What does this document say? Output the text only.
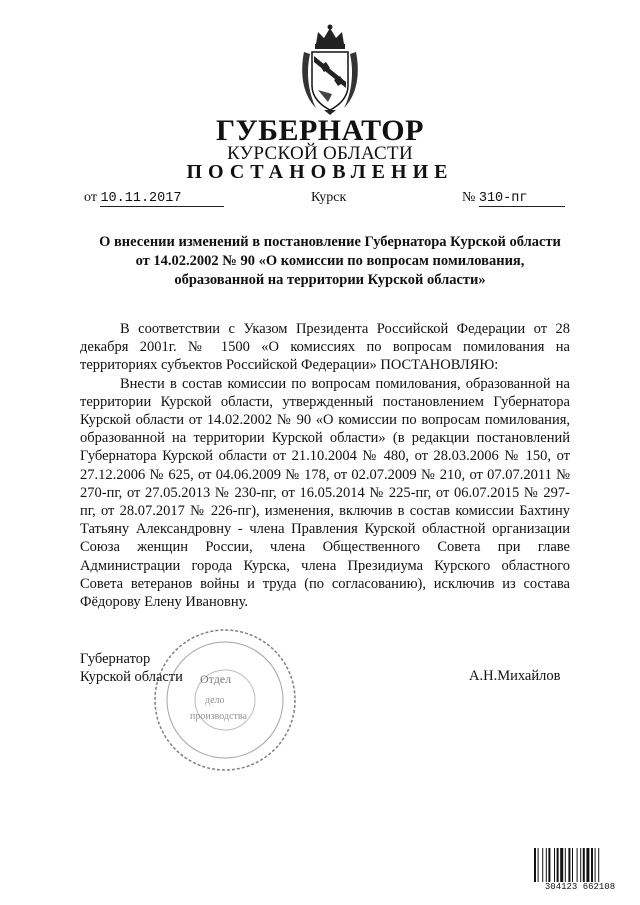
ГУБЕРНАТОР
КУРСКОЙ ОБЛАСТИ
ПОСТАНОВЛЕНИЕ
от 10.11.2017	Курск	№ 310-пг
О внесении изменений в постановление Губернатора Курской области
от 14.02.2002 № 90 «О комиссии по вопросам помилования,
образованной на территории Курской области»

В соответствии с Указом Президента Российской Федерации от 28 декабря 2001г. № 1500 «О комиссиях по вопросам помилования на территориях субъектов Российской Федерации» ПОСТАНОВЛЯЮ:

Внести в состав комиссии по вопросам помилования, образованной на территории Курской области, утвержденный постановлением Губернатора Курской области от 14.02.2002 № 90 «О комиссии по вопросам помилования, образованной на территории Курской области» (в редакции постановлений Губернатора Курской области от 21.10.2004 № 480, от 28.03.2006 № 150, от 27.12.2006 № 625, от 04.06.2009 № 178, от 02.07.2009 № 210, от 07.07.2011 № 270-пг, от 27.05.2013 № 230-пг, от 16.05.2014 № 225-пг, от 06.07.2015 № 297-пг, от 28.07.2017 № 226-пг), изменения, включив в состав комиссии Бахтину Татьяну Александровну - члена Правления Курской областной организации Союза женщин России, члена Общественного Совета при главе Администрации города Курска, члена Президиума Курского областного Совета ветеранов войны и труда (по согласованию), исключив из состава Фёдорову Елену Ивановну.

Губернатор
Курской области	А.Н.Михайлов
Отдел
дело
производства
304123 662108
